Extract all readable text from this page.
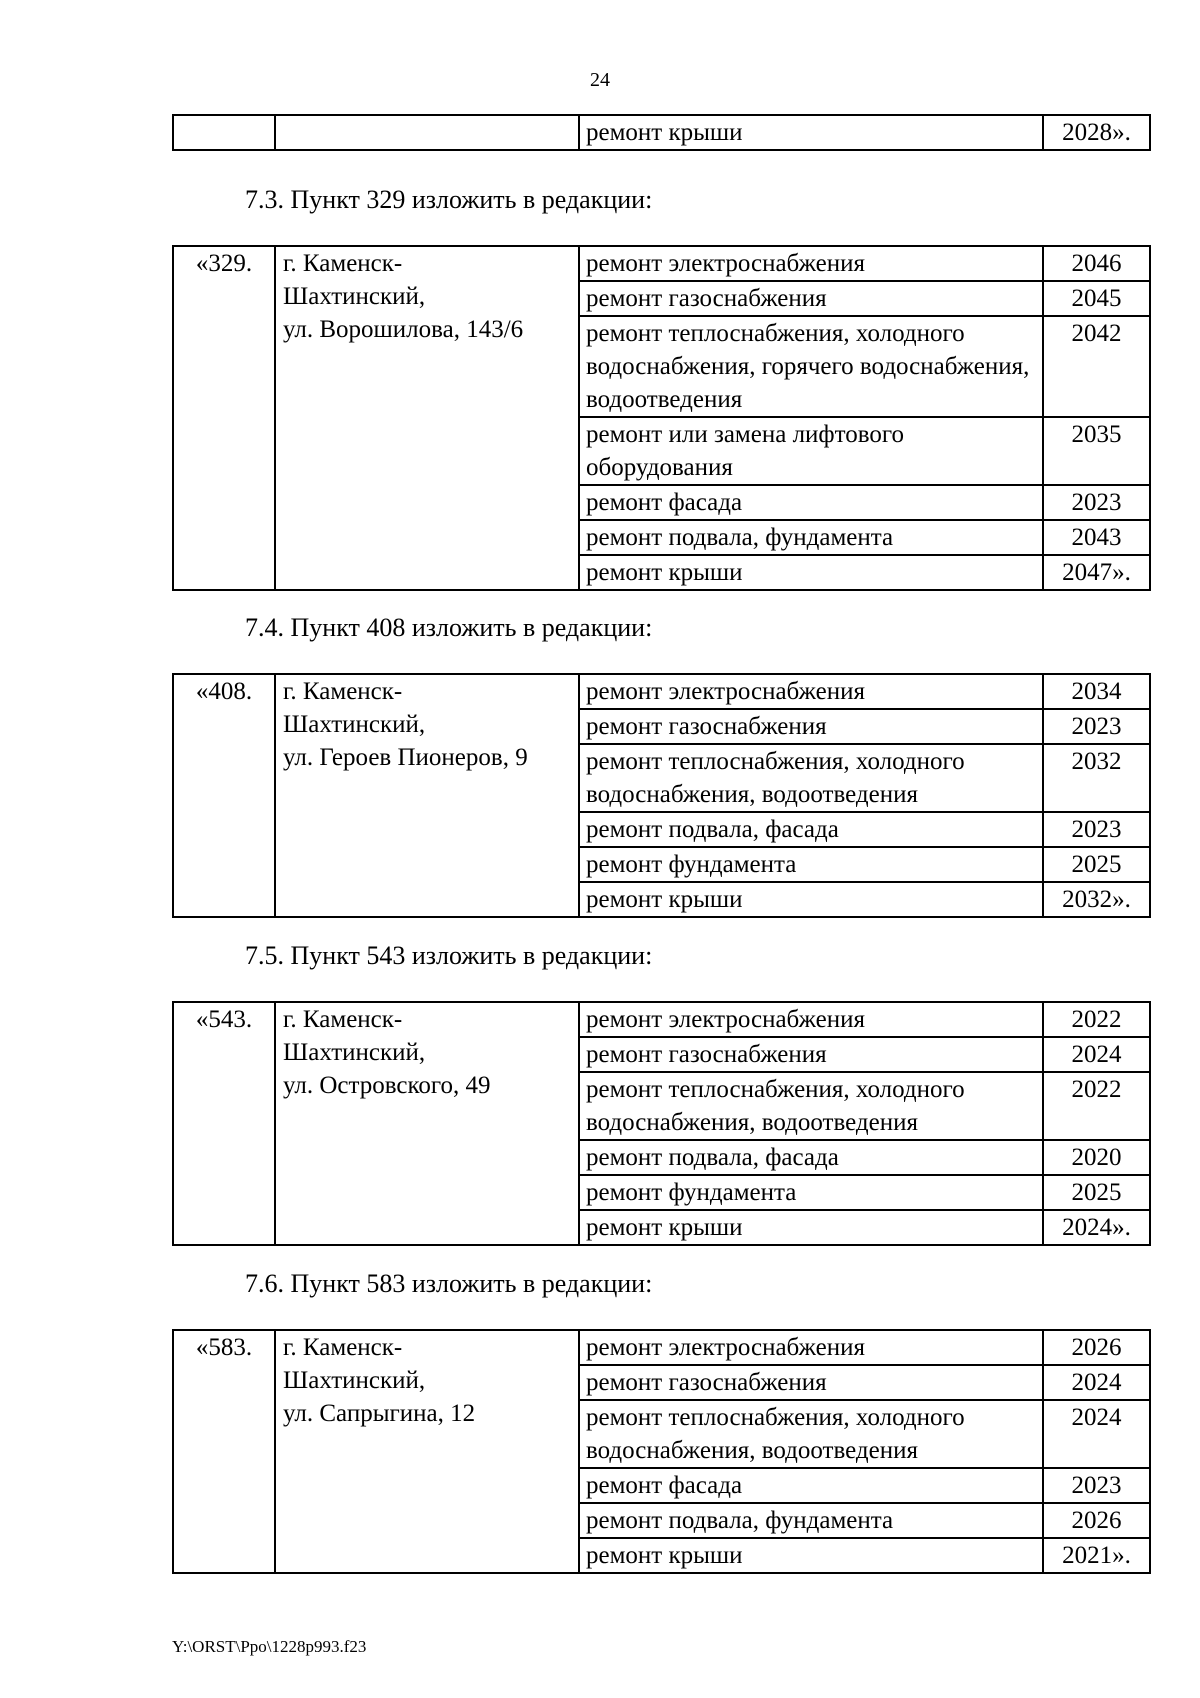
24
		ремонт крыши	2028».
7.3. Пункт 329 изложить в редакции:
«329.	г. Каменск-
Шахтинский,
ул. Ворошилова, 143/6	ремонт электроснабжения	2046
		ремонт газоснабжения	2045
		ремонт теплоснабжения, холодного водоснабжения, горячего водоснабжения, водоотведения	2042
		ремонт или замена лифтового оборудования	2035
		ремонт фасада	2023
		ремонт подвала, фундамента	2043
		ремонт крыши	2047».
7.4. Пункт 408 изложить в редакции:
«408.	г. Каменск-
Шахтинский,
ул. Героев Пионеров, 9	ремонт электроснабжения	2034
		ремонт газоснабжения	2023
		ремонт теплоснабжения, холодного водоснабжения, водоотведения	2032
		ремонт подвала, фасада	2023
		ремонт фундамента	2025
		ремонт крыши	2032».
7.5. Пункт 543 изложить в редакции:
«543.	г. Каменск-
Шахтинский,
ул. Островского, 49	ремонт электроснабжения	2022
		ремонт газоснабжения	2024
		ремонт теплоснабжения, холодного водоснабжения, водоотведения	2022
		ремонт подвала, фасада	2020
		ремонт фундамента	2025
		ремонт крыши	2024».
7.6. Пункт 583 изложить в редакции:
«583.	г. Каменск-
Шахтинский,
ул. Сапрыгина, 12	ремонт электроснабжения	2026
		ремонт газоснабжения	2024
		ремонт теплоснабжения, холодного водоснабжения, водоотведения	2024
		ремонт фасада	2023
		ремонт подвала, фундамента	2026
		ремонт крыши	2021».
Y:\ORST\Ppo\1228p993.f23
